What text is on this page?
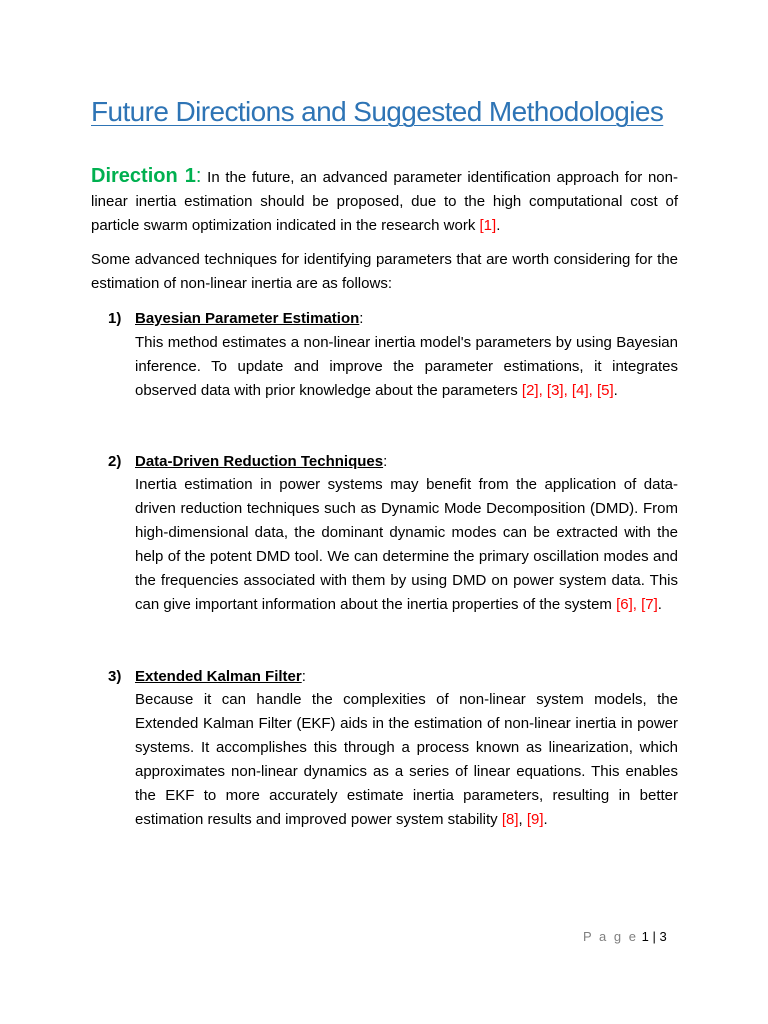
Future Directions and Suggested Methodologies
Direction 1: In the future, an advanced parameter identification approach for non-linear inertia estimation should be proposed, due to the high computational cost of particle swarm optimization indicated in the research work [1].
Some advanced techniques for identifying parameters that are worth considering for the estimation of non-linear inertia are as follows:
1) Bayesian Parameter Estimation:
This method estimates a non-linear inertia model's parameters by using Bayesian inference. To update and improve the parameter estimations, it integrates observed data with prior knowledge about the parameters [2], [3], [4], [5].
2) Data-Driven Reduction Techniques:
Inertia estimation in power systems may benefit from the application of data-driven reduction techniques such as Dynamic Mode Decomposition (DMD). From high-dimensional data, the dominant dynamic modes can be extracted with the help of the potent DMD tool. We can determine the primary oscillation modes and the frequencies associated with them by using DMD on power system data. This can give important information about the inertia properties of the system [6], [7].
3) Extended Kalman Filter:
Because it can handle the complexities of non-linear system models, the Extended Kalman Filter (EKF) aids in the estimation of non-linear inertia in power systems. It accomplishes this through a process known as linearization, which approximates non-linear dynamics as a series of linear equations. This enables the EKF to more accurately estimate inertia parameters, resulting in better estimation results and improved power system stability [8], [9].
P a g e 1 | 3
